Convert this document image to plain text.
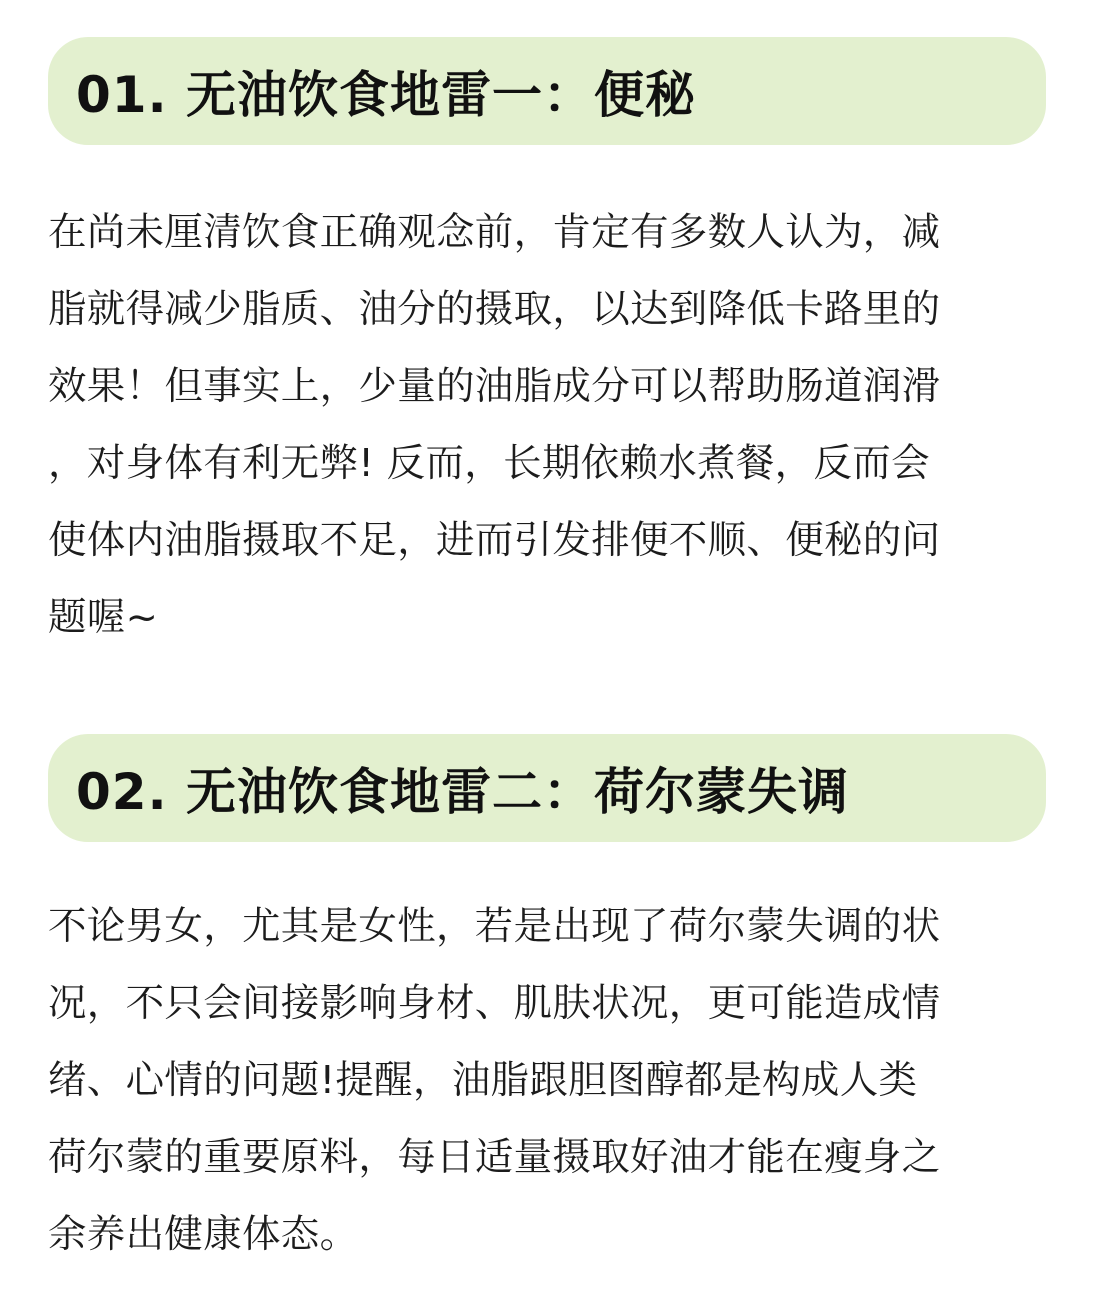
01. 无油饮食地雷一：便秘

在尚未厘清饮食正确观念前，肯定有多数人认为，减
脂就得减少脂质、油分的摄取，以达到降低卡路里的
效果！但事实上，少量的油脂成分可以帮助肠道润滑
，对身体有利无弊! 反而，长期依赖水煮餐，反而会
使体内油脂摄取不足，进而引发排便不顺、便秘的问
题喔~

02. 无油饮食地雷二：荷尔蒙失调

不论男女，尤其是女性，若是出现了荷尔蒙失调的状
况，不只会间接影响身材、肌肤状况，更可能造成情
绪、心情的问题!提醒，油脂跟胆图醇都是构成人类
荷尔蒙的重要原料，每日适量摄取好油才能在瘦身之
余养出健康体态。
